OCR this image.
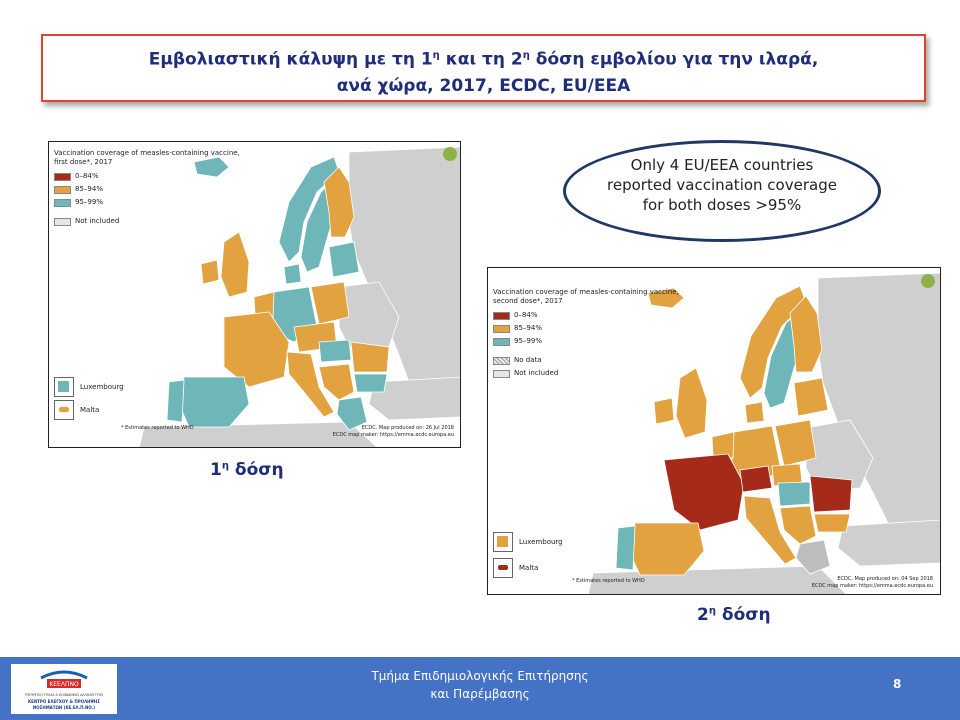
Εμβολιαστική κάλυψη με τη $1^\eta$ και τη $2^\eta$ δόση εμβολίου για την ιλαρά,
ανά χώρα, 2017, ECDC, EU/EEA
Vaccination coverage of measles-containing vaccine,
first dose*, 2017
0–84%
85–94%
95–99%
Not included
Luxembourg
Malta
* Estimates reported to WHO	ECDC. Map produced on: 26 Jul 2018
ECDC map maker: https://emma.ecdc.europa.eu
$1^\eta$ δόση
Only 4 EU/EEA countries
reported vaccination coverage
for both doses >95%
Vaccination coverage of measles-containing vaccine,
second dose*, 2017
0–84%
85–94%
95–99%
No data
Not included
Luxembourg
Malta
* Estimates reported to WHO	ECDC. Map produced on: 04 Sep 2018
ECDC map maker: https://emma.ecdc.europa.eu
$2^\eta$ δόση
ΚΕΕΛΠΝΟ
ΥΠΟΥΡΓΕΙΟ ΥΓΕΙΑΣ & ΚΟΙΝΩΝΙΚΗΣ ΑΛΛΗΛΕΓΓΥΗΣ
ΚΕΝΤΡΟ ΕΛΕΓΧΟΥ & ΠΡΟΛΗΨΗΣ
ΝΟΣΗΜΑΤΩΝ (ΚΕ.ΕΛ.Π.ΝΟ.)
Τμήμα Επιδημιολογικής Επιτήρησης
και Παρέμβασης
8
